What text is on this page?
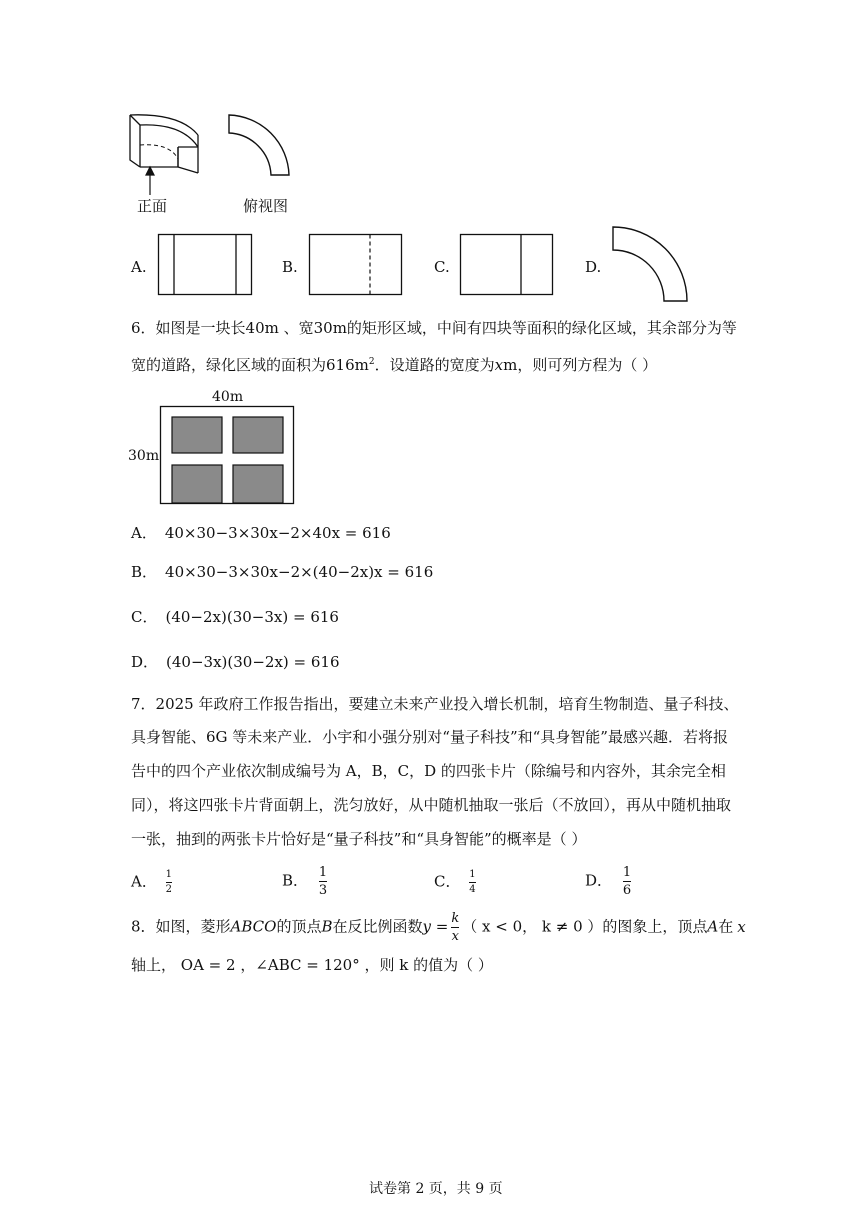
正面	俯视图
A.	B.	C.	D.
6．如图是一块长40m 、宽30m的矩形区域，中间有四块等面积的绿化区域，其余部分为等
宽的道路，绿化区域的面积为$616m^2$．设道路的宽度为xm，则可列方程为（ ）
40m
30m
A． 40×30−3×30x−2×40x = 616
B． 40×30−3×30x−2×(40−2x)x = 616
C． (40−2x)(30−3x) = 616
D． (40−3x)(30−2x) = 616
7．2025 年政府工作报告指出，要建立未来产业投入增长机制，培育生物制造、量子科技、
具身智能、6G 等未来产业．小宇和小强分别对“量子科技”和“具身智能”最感兴趣．若将报
告中的四个产业依次制成编号为 A，B，C，D 的四张卡片（除编号和内容外，其余完全相
同），将这四张卡片背面朝上，洗匀放好，从中随机抽取一张后（不放回），再从中随机抽取
一张，抽到的两张卡片恰好是“量子科技”和“具身智能”的概率是（ ）
A． $\frac{1}{2}$	B． $\frac{1}{3}$	C． $\frac{1}{4}$	D． $\frac{1}{6}$
8．如图，菱形ABCO的顶点B在反比例函数$y = \frac{k}{x}$ （ x < 0， k ≠ 0 ）的图象上，顶点A在 x
轴上， OA = 2 ，∠ABC = 120° ，则 k 的值为（ ）
试卷第 2 页，共 9 页
